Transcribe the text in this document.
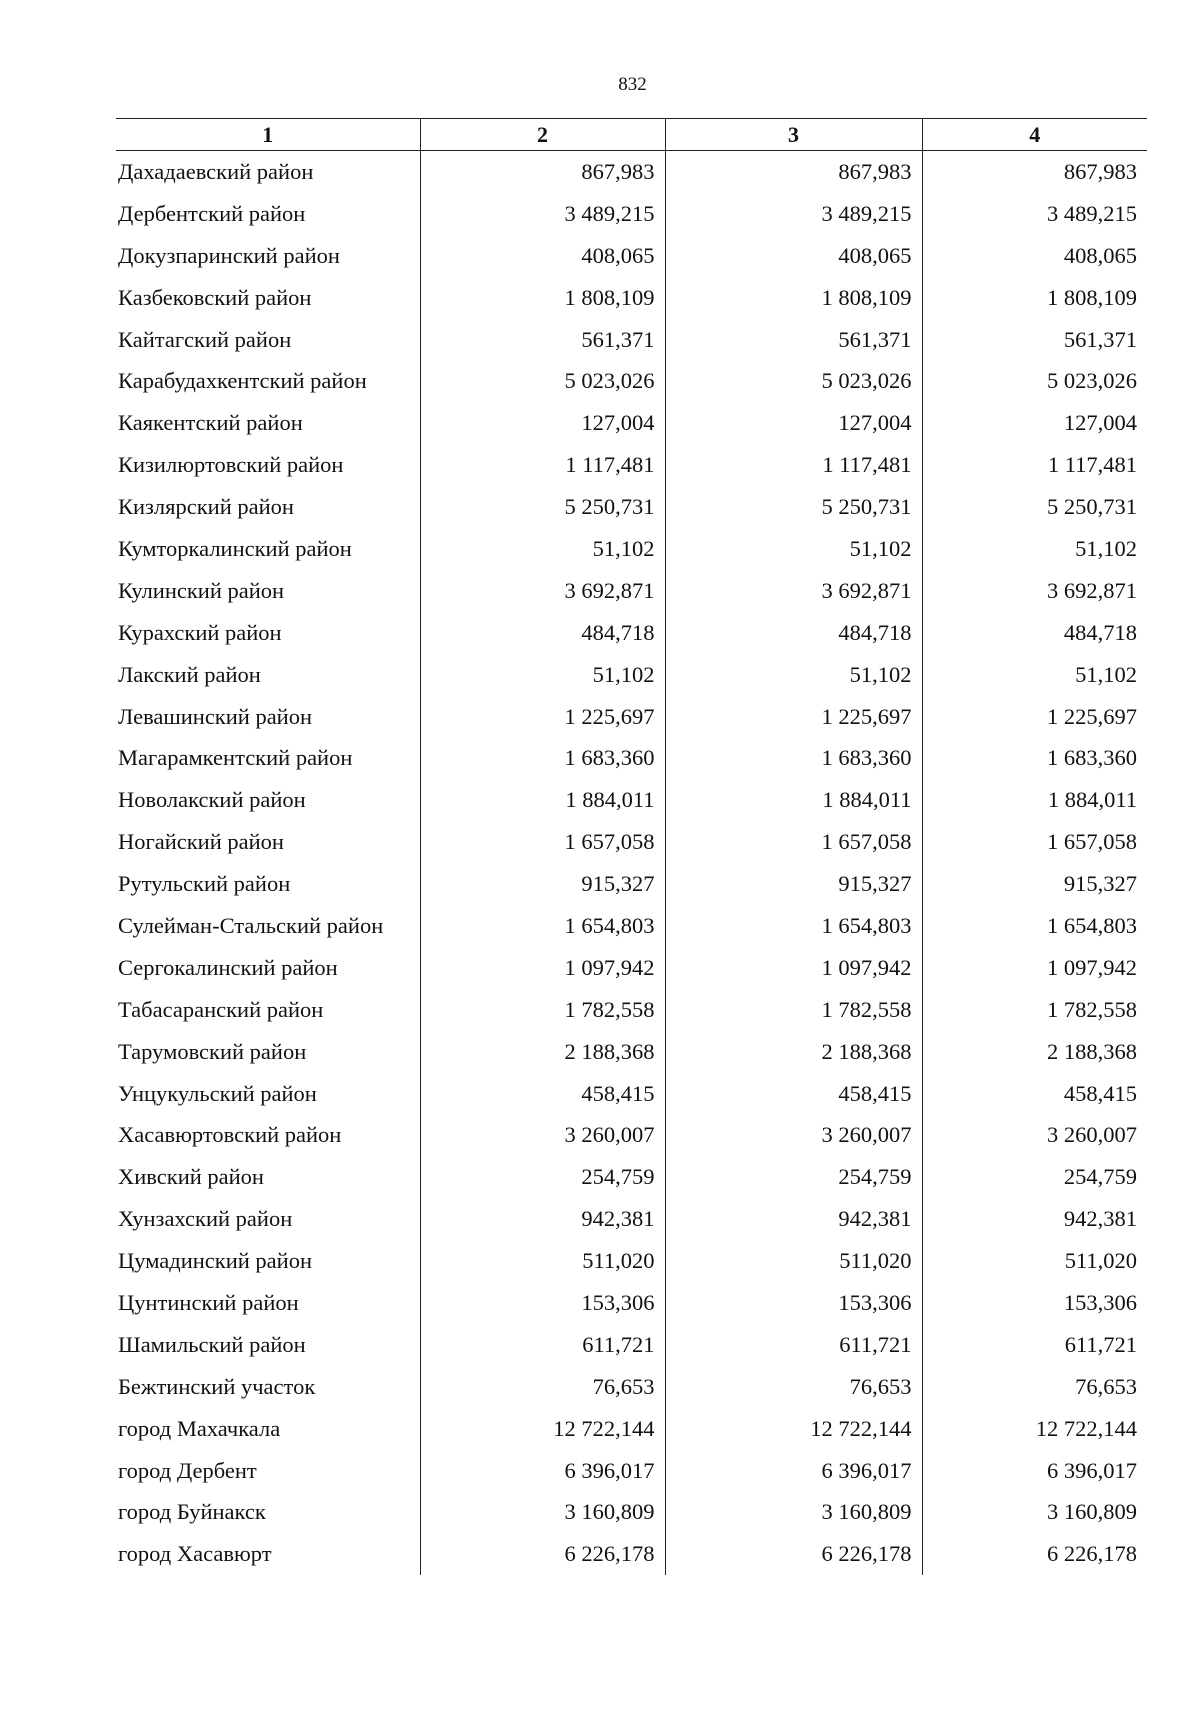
832
1	2	3	4
Дахадаевский район	867,983	867,983	867,983
Дербентский район	3 489,215	3 489,215	3 489,215
Докузпаринский район	408,065	408,065	408,065
Казбековский район	1 808,109	1 808,109	1 808,109
Кайтагский район	561,371	561,371	561,371
Карабудахкентский район	5 023,026	5 023,026	5 023,026
Каякентский район	127,004	127,004	127,004
Кизилюртовский район	1 117,481	1 117,481	1 117,481
Кизлярский район	5 250,731	5 250,731	5 250,731
Кумторкалинский район	51,102	51,102	51,102
Кулинский район	3 692,871	3 692,871	3 692,871
Курахский район	484,718	484,718	484,718
Лакский район	51,102	51,102	51,102
Левашинский район	1 225,697	1 225,697	1 225,697
Магарамкентский район	1 683,360	1 683,360	1 683,360
Новолакский район	1 884,011	1 884,011	1 884,011
Ногайский район	1 657,058	1 657,058	1 657,058
Рутульский район	915,327	915,327	915,327
Сулейман-Стальский район	1 654,803	1 654,803	1 654,803
Сергокалинский район	1 097,942	1 097,942	1 097,942
Табасаранский район	1 782,558	1 782,558	1 782,558
Тарумовский район	2 188,368	2 188,368	2 188,368
Унцукульский район	458,415	458,415	458,415
Хасавюртовский район	3 260,007	3 260,007	3 260,007
Хивский район	254,759	254,759	254,759
Хунзахский район	942,381	942,381	942,381
Цумадинский район	511,020	511,020	511,020
Цунтинский район	153,306	153,306	153,306
Шамильский район	611,721	611,721	611,721
Бежтинский участок	76,653	76,653	76,653
город Махачкала	12 722,144	12 722,144	12 722,144
город Дербент	6 396,017	6 396,017	6 396,017
город Буйнакск	3 160,809	3 160,809	3 160,809
город Хасавюрт	6 226,178	6 226,178	6 226,178
